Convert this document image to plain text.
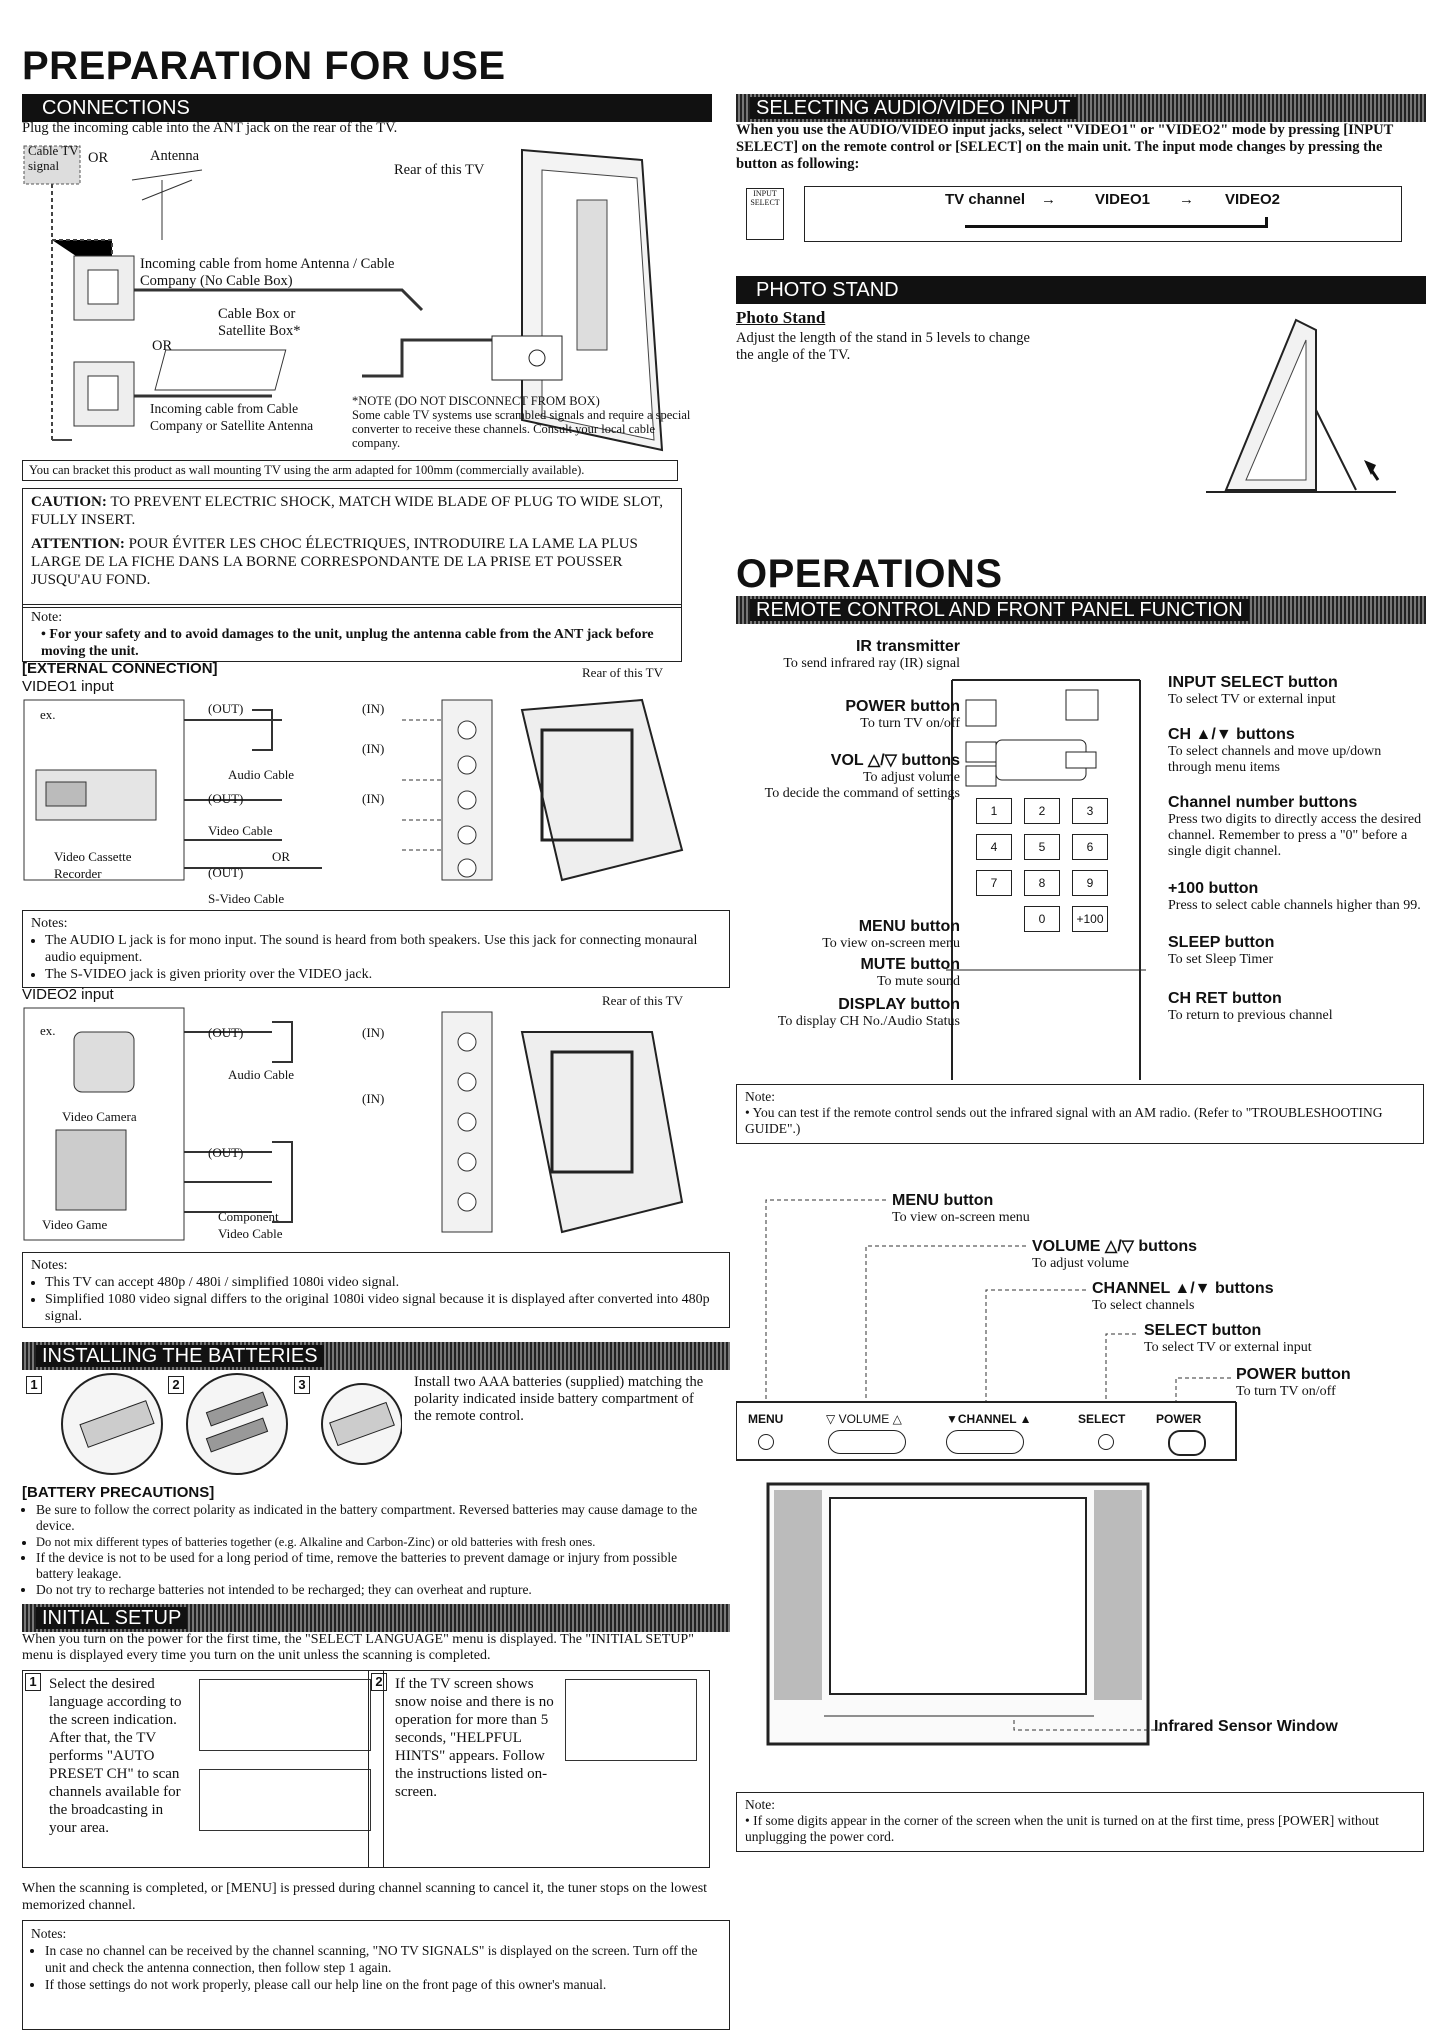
PREPARATION FOR USE
CONNECTIONS
Plug the incoming cable into the ANT jack on the rear of the TV.
Cable TV signal	OR	Antenna
Rear of this TV
Incoming cable from home Antenna / Cable Company (No Cable Box)
Cable Box or Satellite Box*
OR
Incoming cable from Cable Company or Satellite Antenna
*NOTE (DO NOT DISCONNECT FROM BOX)
Some cable TV systems use scrambled signals and require a special converter to receive these channels. Consult your local cable company.
You can bracket this product as wall mounting TV using the arm adapted for 100mm (commercially available).
CAUTION: TO PREVENT ELECTRIC SHOCK, MATCH WIDE BLADE OF PLUG TO WIDE SLOT, FULLY INSERT.
ATTENTION: POUR ÉVITER LES CHOC ÉLECTRIQUES, INTRODUIRE LA LAME LA PLUS LARGE DE LA FICHE DANS LA BORNE CORRESPONDANTE DE LA PRISE ET POUSSER JUSQU'AU FOND.
Note:
• For your safety and to avoid damages to the unit, unplug the antenna cable from the ANT jack before moving the unit.
[EXTERNAL CONNECTION]
VIDEO1 input
Rear of this TV
ex.	(OUT)	(IN)
(IN)
Audio Cable
(OUT)	(IN)
Video Cable
OR
(OUT)
S-Video Cable
Video Cassette Recorder
Notes:
• The AUDIO L jack is for mono input. The sound is heard from both speakers. Use this jack for connecting monaural audio equipment.
• The S-VIDEO jack is given priority over the VIDEO jack.
VIDEO2 input	Rear of this TV
ex.	(OUT)	(IN)
Audio Cable
(IN)
Video Camera
(OUT)
Video Game
Component Video Cable
Notes:
• This TV can accept 480p / 480i / simplified 1080i video signal.
• Simplified 1080 video signal differs to the original 1080i video signal because it is displayed after converted into 480p signal.
INSTALLING THE BATTERIES
1	2	3	Install two AAA batteries (supplied) matching the polarity indicated inside battery compartment of the remote control.
[BATTERY PRECAUTIONS]
• Be sure to follow the correct polarity as indicated in the battery compartment. Reversed batteries may cause damage to the device.
• Do not mix different types of batteries together (e.g. Alkaline and Carbon-Zinc) or old batteries with fresh ones.
• If the device is not to be used for a long period of time, remove the batteries to prevent damage or injury from possible battery leakage.
• Do not try to recharge batteries not intended to be recharged; they can overheat and rupture.
INITIAL SETUP
When you turn on the power for the first time, the "SELECT LANGUAGE" menu is displayed. The "INITIAL SETUP" menu is displayed every time you turn on the unit unless the scanning is completed.
1 Select the desired language according to the screen indication. After that, the TV performs "AUTO PRESET CH" to scan channels available for the broadcasting in your area.
2 If the TV screen shows snow noise and there is no operation for more than 5 seconds, "HELPFUL HINTS" appears. Follow the instructions listed on-screen.
When the scanning is completed, or [MENU] is pressed during channel scanning to cancel it, the tuner stops on the lowest memorized channel.
Notes:
• In case no channel can be received by the channel scanning, "NO TV SIGNALS" is displayed on the screen. Turn off the unit and check the antenna connection, then follow step 1 again.
• If those settings do not work properly, please call our help line on the front page of this owner's manual.
SELECTING AUDIO/VIDEO INPUT
When you use the AUDIO/VIDEO input jacks, select "VIDEO1" or "VIDEO2" mode by pressing [INPUT SELECT] on the remote control or [SELECT] on the main unit. The input mode changes by pressing the button as following:
INPUT SELECT	TV channel →	VIDEO1 → VIDEO2
PHOTO STAND
Photo Stand
Adjust the length of the stand in 5 levels to change the angle of the TV.
OPERATIONS
REMOTE CONTROL AND FRONT PANEL FUNCTION
1	2	3
4	5	6
7	8	9
0	+100
IR transmitter
To send infrared ray (IR) signal
POWER button
To turn TV on/off
VOL △/▽ buttons
To adjust volume
To decide the command of settings
MENU button
To view on-screen menu
MUTE button
To mute sound
DISPLAY button
To display CH No./Audio Status
INPUT SELECT button
To select TV or external input
CH ▲/▼ buttons
To select channels and move up/down through menu items
Channel number buttons
Press two digits to directly access the desired channel. Remember to press a "0" before a single digit channel.
+100 button
Press to select cable channels higher than 99.
SLEEP button
To set Sleep Timer
CH RET button
To return to previous channel
Note:
• You can test if the remote control sends out the infrared signal with an AM radio. (Refer to "TROUBLESHOOTING GUIDE".)
MENU button
To view on-screen menu
VOLUME △/▽ buttons
To adjust volume
CHANNEL ▲/▼ buttons
To select channels
SELECT button
To select TV or external input
POWER button
To turn TV on/off
MENU	▽ VOLUME △	▼CHANNEL ▲	SELECT	POWER
Infrared Sensor Window
Note:
• If some digits appear in the corner of the screen when the unit is turned on at the first time, press [POWER] without unplugging the power cord.
